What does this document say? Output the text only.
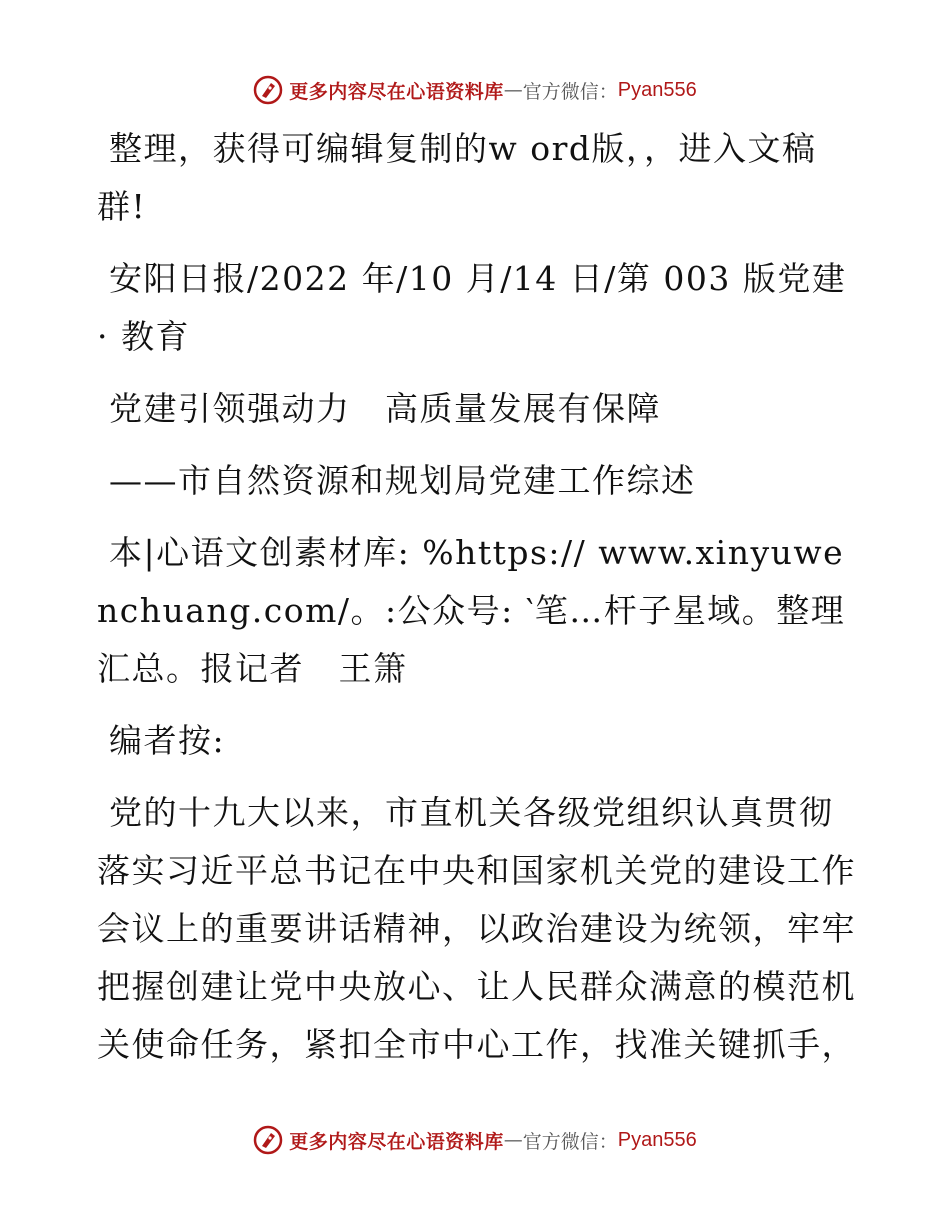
更多内容尽在心语资料库 — 官方微信： Pyan556

整理，获得可编辑复制的w ord版，，进入文稿群!

安阳日报/2022 年/10 月/14 日/第 003 版党建 · 教育

党建引领强动力　高质量发展有保障

——市自然资源和规划局党建工作综述

本|心语文创素材库: %https:// www.xinyuwenchuang.com/。:公众号: ‵笔…杆子星域。整理汇总。报记者　王箫

编者按:

党的十九大以来，市直机关各级党组织认真贯彻落实习近平总书记在中央和国家机关党的建设工作会议上的重要讲话精神，以政治建设为统领，牢牢把握创建让党中央放心、让人民群众满意的模范机关使命任务，紧扣全市中心工作，找准关键抓手，

更多内容尽在心语资料库 — 官方微信： Pyan556
